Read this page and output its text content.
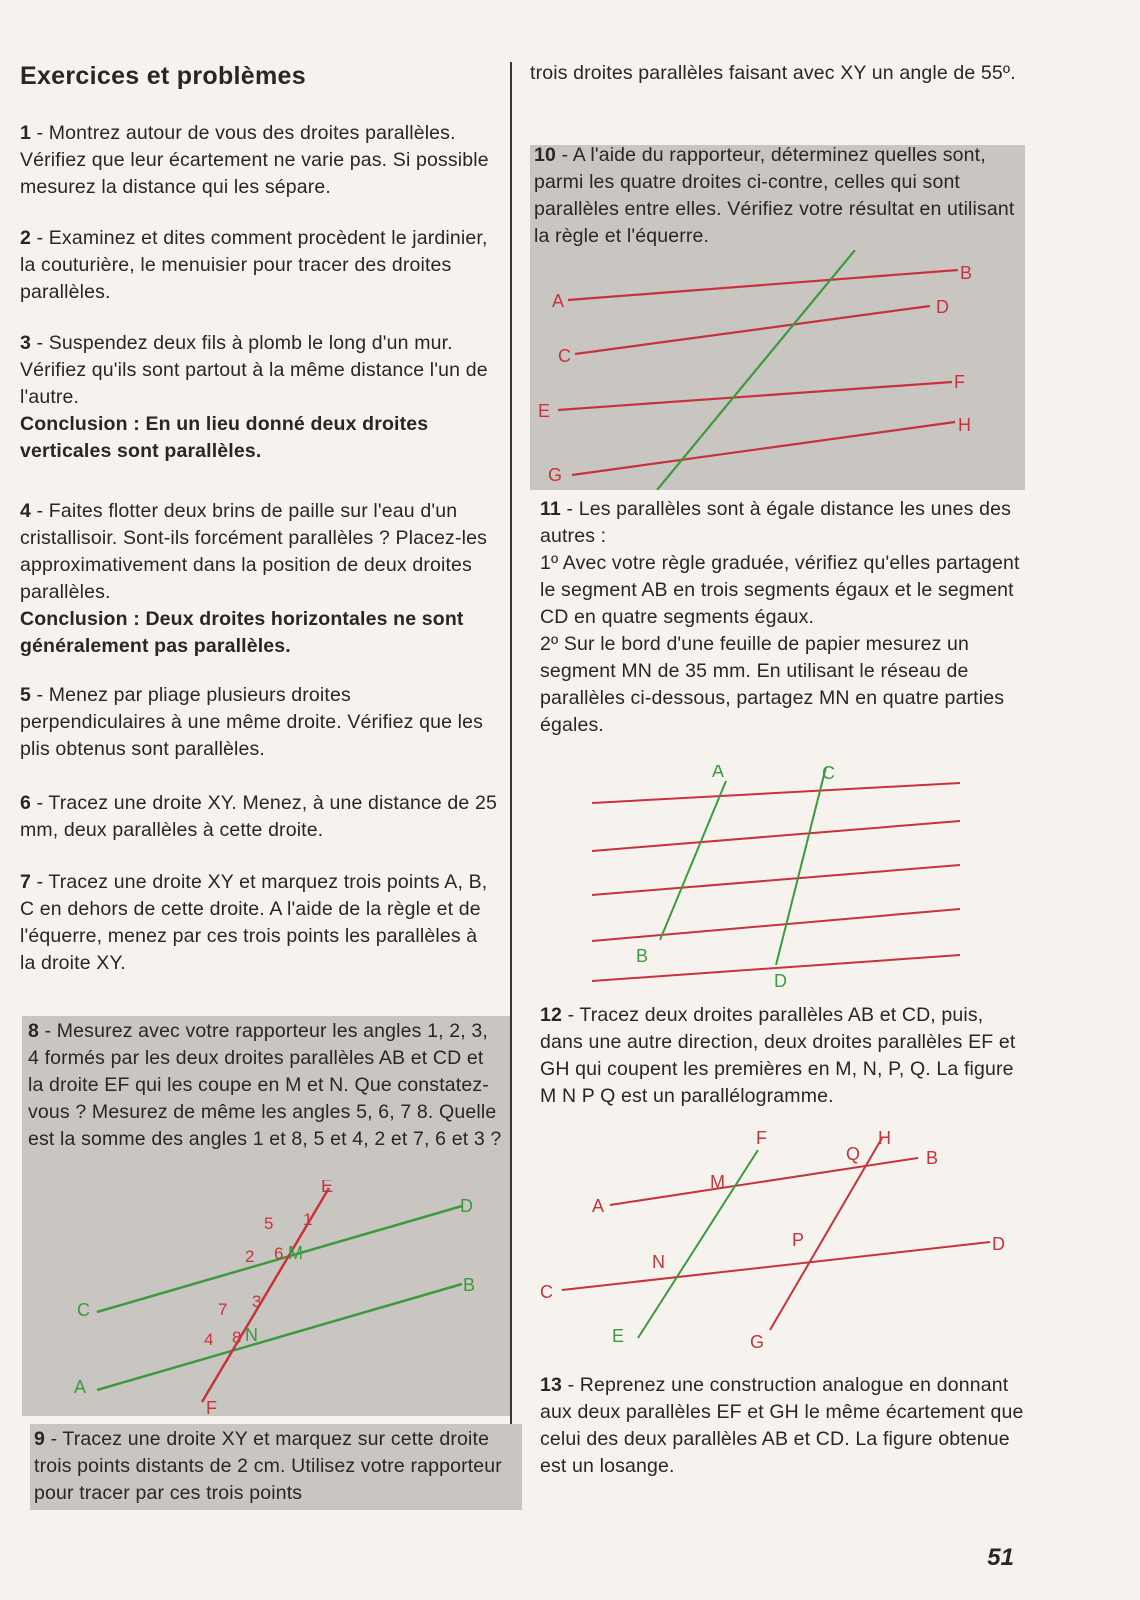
Exercices et problèmes
1 - Montrez autour de vous des droites parallèles. Vérifiez que leur écartement ne varie pas. Si possible mesurez la distance qui les sépare.
2 - Examinez et dites comment procèdent le jardinier, la couturière, le menuisier pour tracer des droites parallèles.
3 - Suspendez deux fils à plomb le long d'un mur. Vérifiez qu'ils sont partout à la même distance l'un de l'autre.
Conclusion : En un lieu donné deux droites verticales sont parallèles.
4 - Faites flotter deux brins de paille sur l'eau d'un cristallisoir. Sont-ils forcément parallèles ? Placez-les approximativement dans la position de deux droites parallèles.
Conclusion : Deux droites horizontales ne sont généralement pas parallèles.
5 - Menez par pliage plusieurs droites perpendiculaires à une même droite. Vérifiez que les plis obtenus sont parallèles.
6 - Tracez une droite XY. Menez, à une distance de 25 mm, deux parallèles à cette droite.
7 - Tracez une droite XY et marquez trois points A, B, C en dehors de cette droite. A l'aide de la règle et de l'équerre, menez par ces trois points les parallèles à la droite XY.
8 - Mesurez avec votre rapporteur les angles 1, 2, 3, 4 formés par les deux droites parallèles AB et CD et la droite EF qui les coupe en M et N. Que constatez-vous ? Mesurez de même les angles 5, 6, 7 8. Quelle est la somme des angles 1 et 8, 5 et 4, 2 et 7, 6 et 3 ?
E
D
B
C
A
F
1
5
2 6 M
7 3
4 8 N
9 - Tracez une droite XY et marquez sur cette droite trois points distants de 2 cm. Utilisez votre rapporteur pour tracer par ces trois points
trois droites parallèles faisant avec XY un angle de 55º.
10 - A l'aide du rapporteur, déterminez quelles sont, parmi les quatre droites ci-contre, celles qui sont parallèles entre elles. Vérifiez votre résultat en utilisant la règle et l'équerre.
A
B
C
D
E
F
G
H
11 - Les parallèles sont à égale distance les unes des autres :
1º Avec votre règle graduée, vérifiez qu'elles partagent le segment AB en trois segments égaux et le segment CD en quatre segments égaux.
2º Sur le bord d'une feuille de papier mesurez un segment MN de 35 mm. En utilisant le réseau de parallèles ci-dessous, partagez MN en quatre parties égales.
A	C
B
D
12 - Tracez deux droites parallèles AB et CD, puis, dans une autre direction, deux droites parallèles EF et GH qui coupent les premières en M, N, P, Q. La figure M N P Q est un parallélogramme.
F	H
Q
M
B
A
P	D
N
C
E	G
13 - Reprenez une construction analogue en donnant aux deux parallèles EF et GH le même écartement que celui des deux parallèles AB et CD. La figure obtenue est un losange.
51
